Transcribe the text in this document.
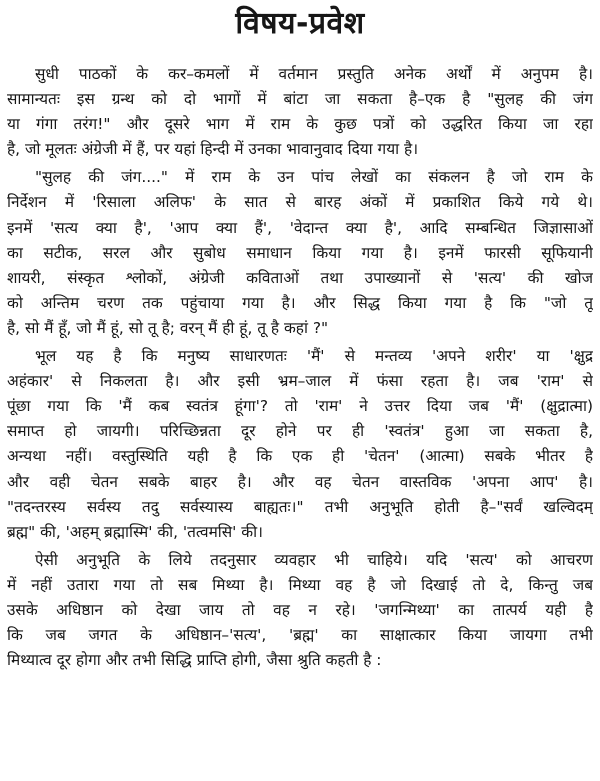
विषय-प्रवेश
सुधी पाठकों के कर–कमलों में वर्तमान प्रस्तुति अनेक अर्थों में अनुपम है।
सामान्यतः इस ग्रन्थ को दो भागों में बांटा जा सकता है–एक है "सुलह की जंग
या गंगा तरंग!" और दूसरे भाग में राम के कुछ पत्रों को उद्धरित किया जा रहा
है, जो मूलतः अंग्रेजी में हैं, पर यहां हिन्दी में उनका भावानुवाद दिया गया है।
"सुलह की जंग...." में राम के उन पांच लेखों का संकलन है जो राम के
निर्देशन में 'रिसाला अलिफ' के सात से बारह अंकों में प्रकाशित किये गये थे।
इनमें 'सत्य क्या है', 'आप क्या हैं', 'वेदान्त क्या है', आदि सम्बन्धित जिज्ञासाओं
का सटीक, सरल और सुबोध समाधान किया गया है। इनमें फारसी सूफियानी
शायरी, संस्कृत श्लोकों, अंग्रेजी कविताओं तथा उपाख्यानों से 'सत्य' की खोज
को अन्तिम चरण तक पहुंचाया गया है। और सिद्ध किया गया है कि "जो तू
है, सो मैं हूँ, जो मैं हूं, सो तू है; वरन् मैं ही हूं, तू है कहां ?"
भूल यह है कि मनुष्य साधारणतः 'मैं' से मन्तव्य 'अपने शरीर' या 'क्षुद्र
अहंकार' से निकलता है। और इसी भ्रम–जाल में फंसा रहता है। जब 'राम' से
पूंछा गया कि 'मैं कब स्वतंत्र हूंगा'? तो 'राम' ने उत्तर दिया जब 'मैं' (क्षुद्रात्मा)
समाप्त हो जायगी। परिच्छिन्नता दूर होने पर ही 'स्वतंत्र' हुआ जा सकता है,
अन्यथा नहीं। वस्तुस्थिति यही है कि एक ही 'चेतन' (आत्मा) सबके भीतर है
और वही चेतन सबके बाहर है। और वह चेतन वास्तविक 'अपना आप' है।
"तदन्तरस्य सर्वस्य तदु सर्वस्यास्य बाह्यतः।" तभी अनुभूति होती है–"सर्वं खल्विदम्
ब्रह्म" की, 'अहम् ब्रह्मास्मि' की, 'तत्वमसि' की।
ऐसी अनुभूति के लिये तदनुसार व्यवहार भी चाहिये। यदि 'सत्य' को आचरण
में नहीं उतारा गया तो सब मिथ्या है। मिथ्या वह है जो दिखाई तो दे, किन्तु जब
उसके अधिष्ठान को देखा जाय तो वह न रहे। 'जगन्मिथ्या' का तात्पर्य यही है
कि जब जगत के अधिष्ठान–'सत्य', 'ब्रह्म' का साक्षात्कार किया जायगा तभी
मिथ्यात्व दूर होगा और तभी सिद्धि प्राप्ति होगी, जैसा श्रुति कहती है :
